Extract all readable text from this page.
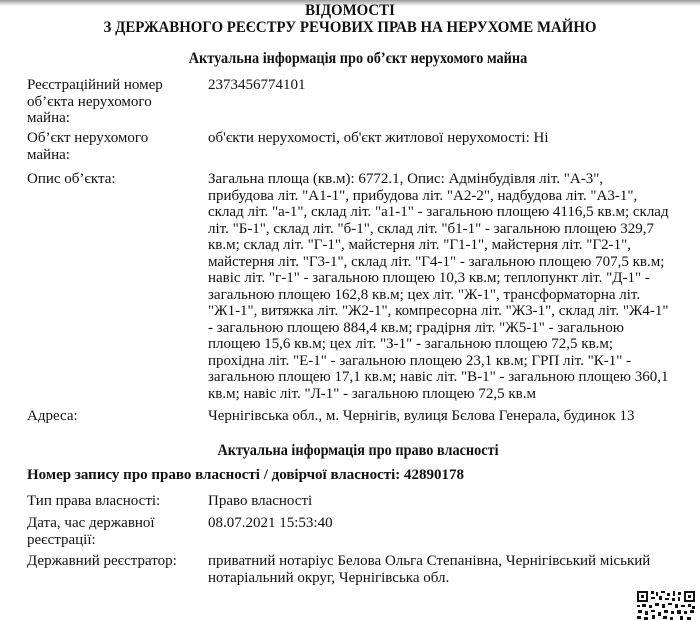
ВІДОМОСТІ
З ДЕРЖАВНОГО РЕЄСТРУ РЕЧОВИХ ПРАВ НА НЕРУХОМЕ МАЙНО
Актуальна інформація про об’єкт нерухомого майна
Реєстраційний номер об’єкта нерухомого майна:
2373456774101
Об’єкт нерухомого майна:
об'єкти нерухомості, об'єкт житлової нерухомості: Ні
Опис об’єкта:	Загальна площа (кв.м): 6772.1, Опис: Адмінбудівля літ. "А-3", прибудова літ. "А1-1", прибудова літ. "А2-2", надбудова літ. "А3-1", склад літ. "а-1", склад літ. "а1-1" - загальною площею 4116,5 кв.м; склад літ. "Б-1", склад літ. "б-1", склад літ. "б1-1" - загальною площею 329,7 кв.м; склад літ. "Г-1", майстерня літ. "Г1-1", майстерня літ. "Г2-1", майстерня літ. "Г3-1", склад літ. "Г4-1" - загальною площею 707,5 кв.м; навіс літ. "г-1" - загальною площею 10,3 кв.м; теплопункт літ. "Д-1" - загальною площею 162,8 кв.м; цех літ. "Ж-1", трансформаторна літ. "Ж1-1", витяжка літ. "Ж2-1", компресорна літ. "Ж3-1", склад літ. "Ж4-1" - загальною площею 884,4 кв.м; градірня літ. "Ж5-1" - загальною площею 15,6 кв.м; цех літ. "З-1" - загальною площею 72,5 кв.м; прохідна літ. "Е-1" - загальною площею 23,1 кв.м; ГРП літ. "К-1" - загальною площею 17,1 кв.м; навіс літ. "В-1" - загальною площею 360,1 кв.м; навіс літ. "Л-1" - загальною площею 72,5 кв.м
Адреса:	Чернігівська обл., м. Чернігів, вулиця Бєлова Генерала, будинок 13
Актуальна інформація про право власності
Номер запису про право власності / довірчої власності: 42890178
Тип права власності:	Право власності
Дата, час державної реєстрації:
08.07.2021 15:53:40
Державний реєстратор:	приватний нотаріус Белова Ольга Степанівна, Чернігівський міський нотаріальний округ, Чернігівська обл.
